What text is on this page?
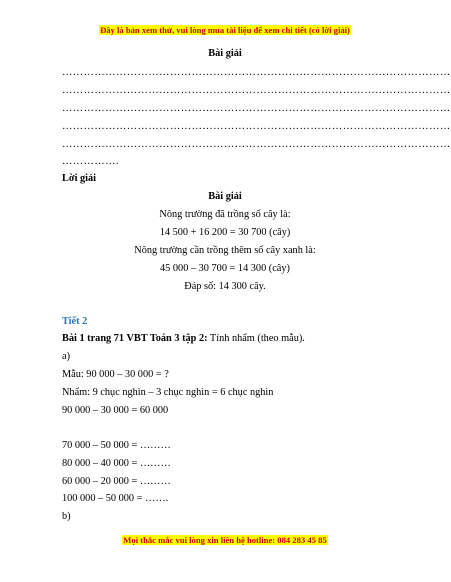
Đây là bản xem thử, vui lòng mua tài liệu để xem chi tiết (có lời giải)
Bài giải
………………………………………………………………………………………………
………………………………………………………………………………………………
………………………………………………………………………………………………
………………………………………………………………………………………………
………………………………………………………………………………………………
…………….
Lời giải
Bài giải
Nông trường đã trồng số cây là:
14 500 + 16 200 = 30 700 (cây)
Nông trường cần trồng thêm số cây xanh là:
45 000 – 30 700 = 14 300 (cây)
Đáp số: 14 300 cây.
Tiết 2
Bài 1 trang 71 VBT Toán 3 tập 2: Tính nhẩm (theo mẫu).
a)
Mẫu: 90 000 – 30 000 = ?
Nhẩm: 9 chục nghìn – 3 chục nghìn = 6 chục nghìn
90 000 – 30 000 = 60 000
70 000 – 50 000 = ………
80 000 – 40 000 = ………
60 000 – 20 000 = ………
100 000 – 50 000 = …….
b)
Mọi thắc mắc vui lòng xin liên hệ hotline: 084 283 45 85
